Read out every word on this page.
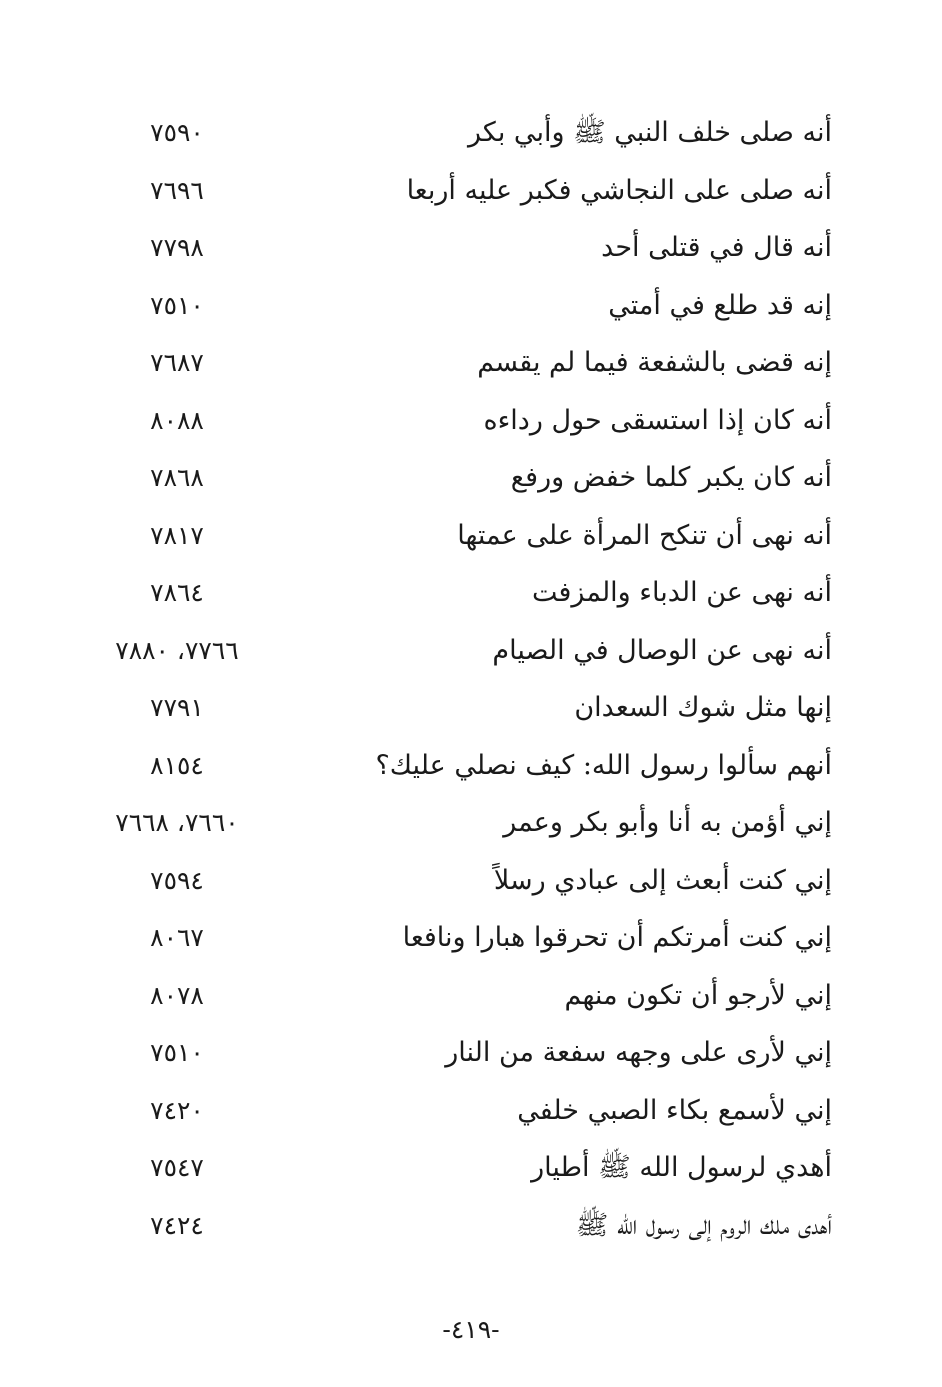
أنه صلى خلف النبي ﷺ وأبي بكر
٧٥٩٠
أنه صلى على النجاشي فكبر عليه أربعا
٧٦٩٦
أنه قال في قتلى أحد
٧٧٩٨
إنه قد طلع في أمتي
٧٥١٠
إنه قضى بالشفعة فيما لم يقسم
٧٦٨٧
أنه كان إذا استسقى حول رداءه
٨٠٨٨
أنه كان يكبر كلما خفض ورفع
٧٨٦٨
أنه نهى أن تنكح المرأة على عمتها
٧٨١٧
أنه نهى عن الدباء والمزفت
٧٨٦٤
أنه نهى عن الوصال في الصيام
٧٧٦٦، ٧٨٨٠
إنها مثل شوك السعدان
٧٧٩١
أنهم سألوا رسول الله: كيف نصلي عليك؟
٨١٥٤
إني أؤمن به أنا وأبو بكر وعمر
٧٦٦٠، ٧٦٦٨
إني كنت أبعث إلى عبادي رسلاً
٧٥٩٤
إني كنت أمرتكم أن تحرقوا هبارا ونافعا
٨٠٦٧
إني لأرجو أن تكون منهم
٨٠٧٨
إني لأرى على وجهه سفعة من النار
٧٥١٠
إني لأسمع بكاء الصبي خلفي
٧٤٢٠
أهدي لرسول الله ﷺ أطيار
٧٥٤٧
أهدى ملك الروم إلى رسول الله ﷺ
٧٤٢٤
-٤١٩-
